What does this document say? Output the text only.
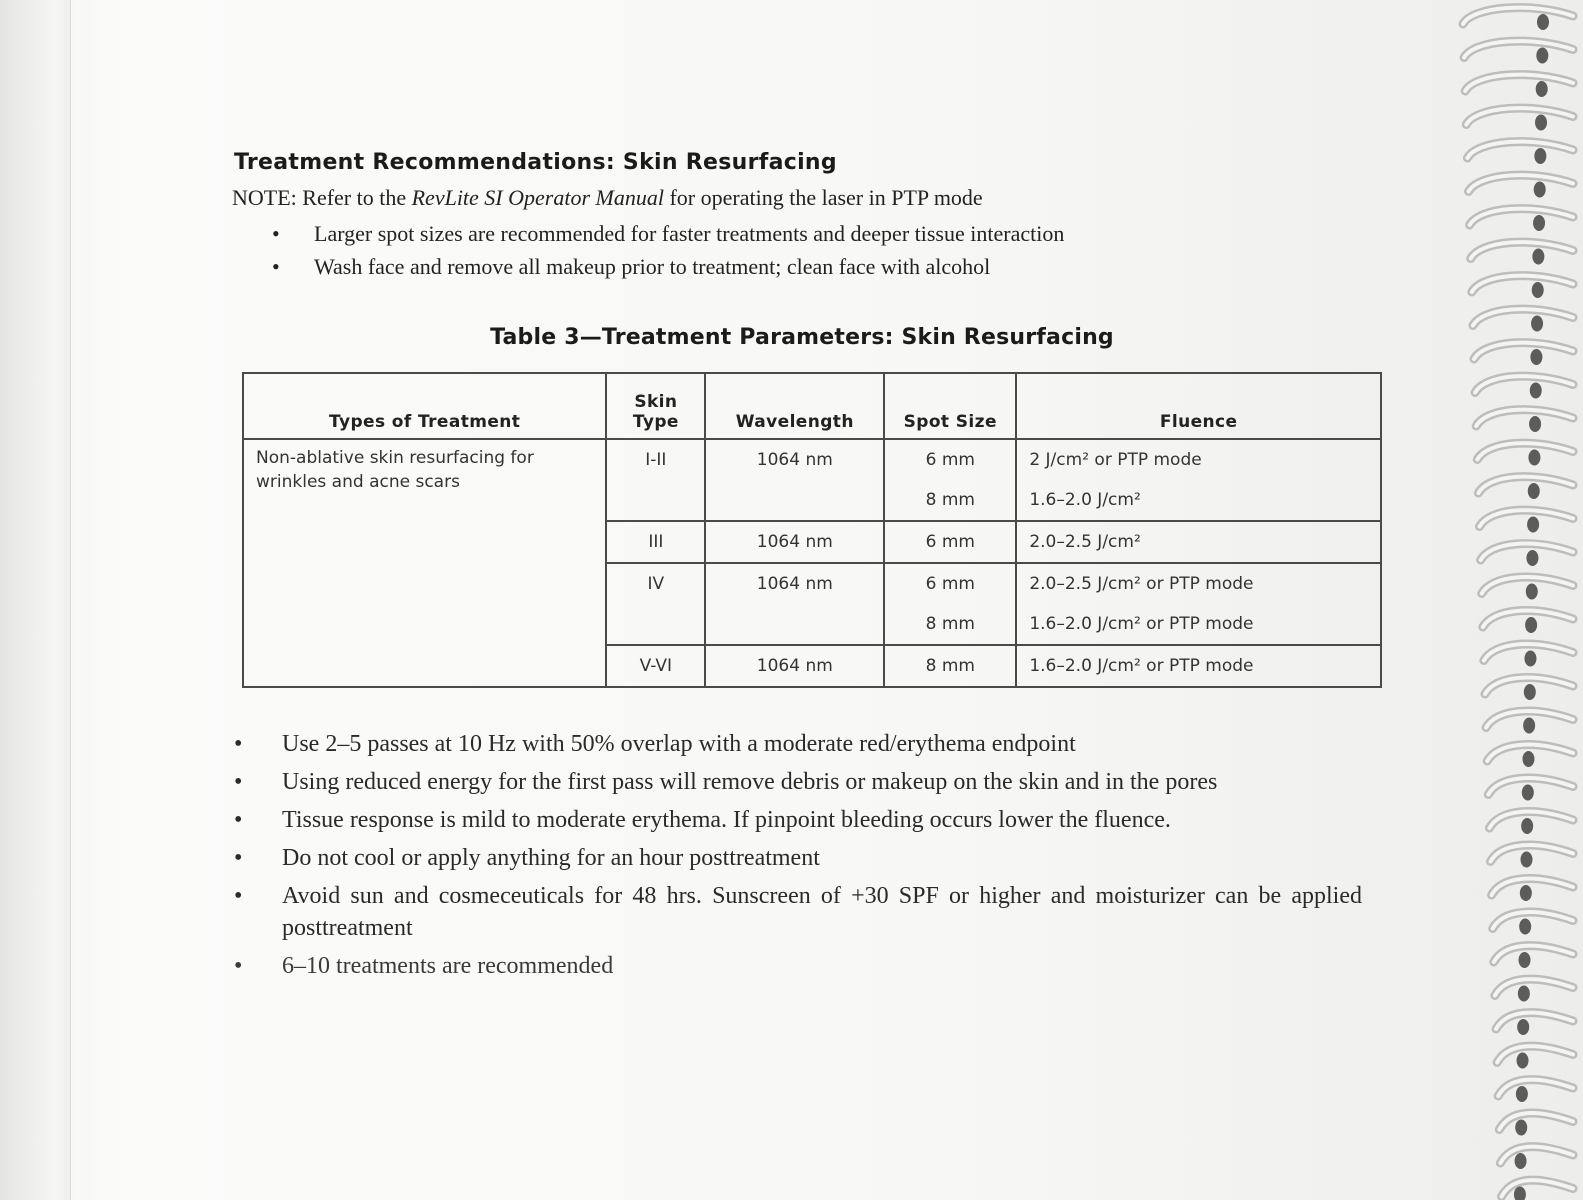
Treatment Recommendations: Skin Resurfacing
NOTE: Refer to the RevLite SI Operator Manual for operating the laser in PTP mode
• Larger spot sizes are recommended for faster treatments and deeper tissue interaction
• Wash face and remove all makeup prior to treatment; clean face with alcohol
Table 3—Treatment Parameters: Skin Resurfacing
Types of Treatment	Skin Type	Wavelength	Spot Size	Fluence

Non-ablative skin resurfacing for wrinkles and acne scars	I-II	1064 nm	6 mm	2 J/cm² or PTP mode

			8 mm	1.6–2.0 J/cm²

	III	1064 nm	6 mm	2.0–2.5 J/cm²

	IV	1064 nm	6 mm	2.0–2.5 J/cm² or PTP mode

			8 mm	1.6–2.0 J/cm² or PTP mode

	V-VI	1064 nm	8 mm	1.6–2.0 J/cm² or PTP mode
• Use 2–5 passes at 10 Hz with 50% overlap with a moderate red/erythema endpoint
• Using reduced energy for the first pass will remove debris or makeup on the skin and in the pores
• Tissue response is mild to moderate erythema. If pinpoint bleeding occurs lower the fluence.
• Do not cool or apply anything for an hour posttreatment
• Avoid sun and cosmeceuticals for 48 hrs. Sunscreen of +30 SPF or higher and moisturizer can be applied posttreatment
• 6–10 treatments are recommended
